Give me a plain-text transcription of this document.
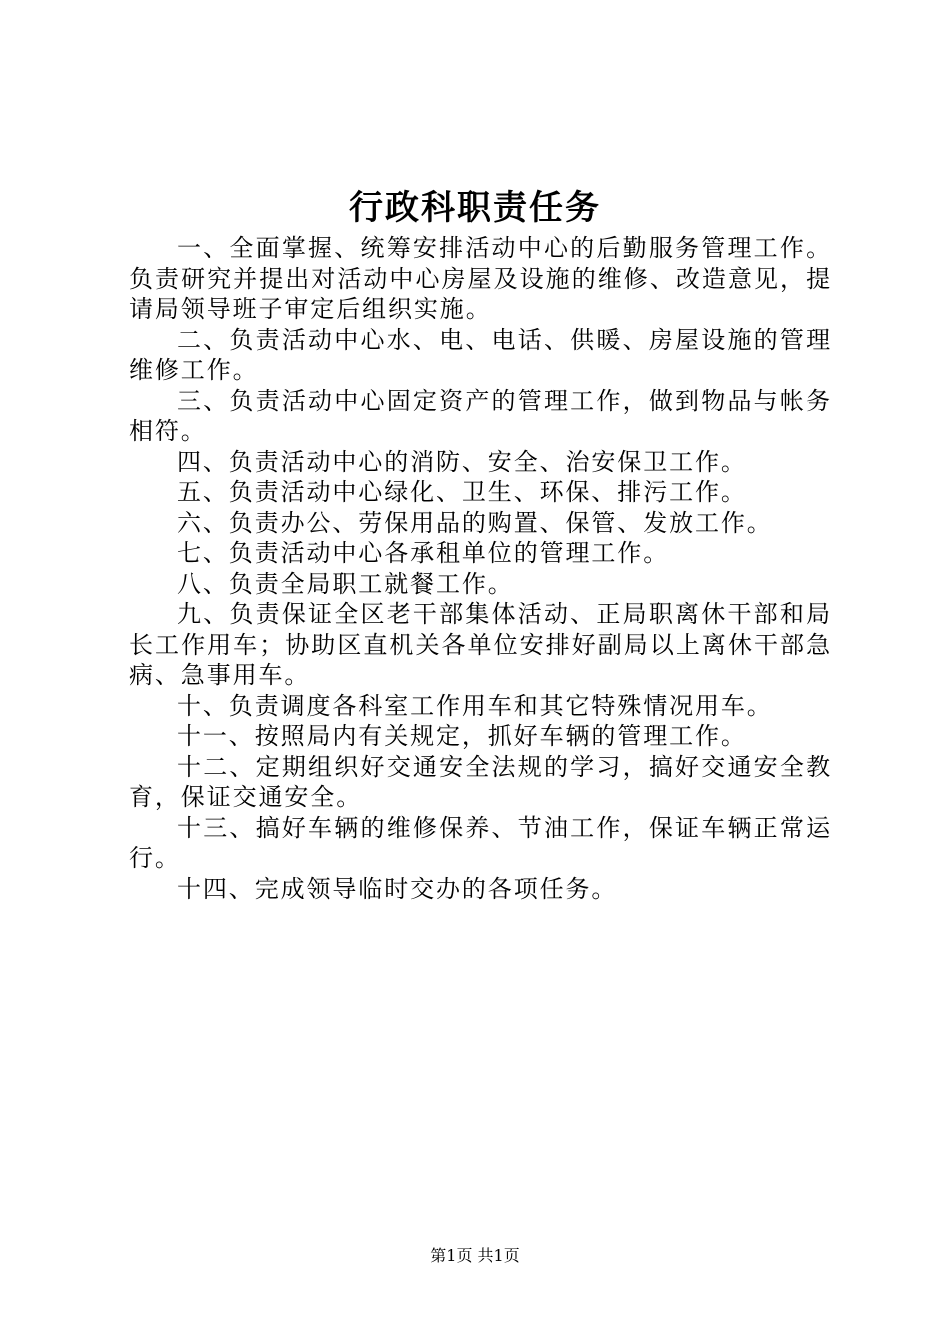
行政科职责任务

一、全面掌握、统筹安排活动中心的后勤服务管理工作。负责研究并提出对活动中心房屋及设施的维修、改造意见，提请局领导班子审定后组织实施。

二、负责活动中心水、电、电话、供暖、房屋设施的管理维修工作。

三、负责活动中心固定资产的管理工作，做到物品与帐务相符。

四、负责活动中心的消防、安全、治安保卫工作。

五、负责活动中心绿化、卫生、环保、排污工作。

六、负责办公、劳保用品的购置、保管、发放工作。

七、负责活动中心各承租单位的管理工作。

八、负责全局职工就餐工作。

九、负责保证全区老干部集体活动、正局职离休干部和局长工作用车；协助区直机关各单位安排好副局以上离休干部急病、急事用车。

十、负责调度各科室工作用车和其它特殊情况用车。

十一、按照局内有关规定，抓好车辆的管理工作。

十二、定期组织好交通安全法规的学习，搞好交通安全教育，保证交通安全。

十三、搞好车辆的维修保养、节油工作，保证车辆正常运行。

十四、完成领导临时交办的各项任务。

第1页 共1页
